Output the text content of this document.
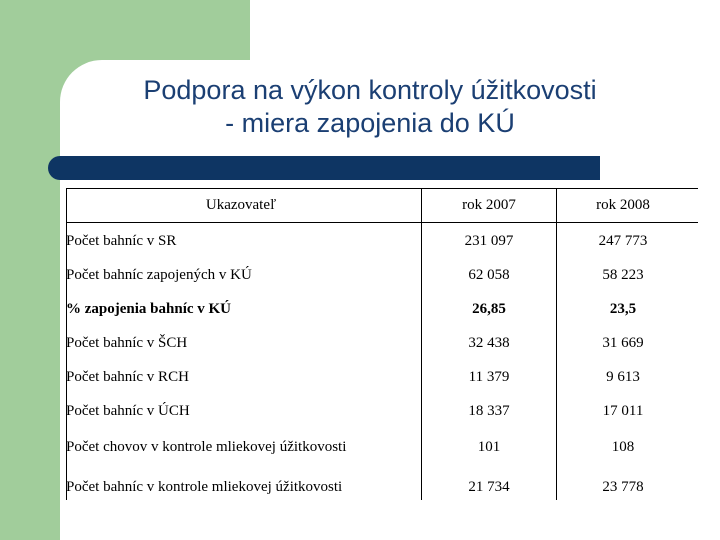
Podpora na výkon kontroly úžitkovosti
- miera zapojenia do KÚ
Ukazovateľ	rok 2007	rok 2008
Počet bahníc v SR	231 097	247 773
Počet bahníc zapojených v KÚ	62 058	58 223
% zapojenia bahníc v KÚ	26,85	23,5
Počet bahníc v ŠCH	32 438	31 669
Počet bahníc v RCH	11 379	9 613
Počet bahníc v ÚCH	18 337	17 011
Počet chovov v kontrole mliekovej úžitkovosti	101	108
Počet bahníc v kontrole mliekovej úžitkovosti	21 734	23 778
